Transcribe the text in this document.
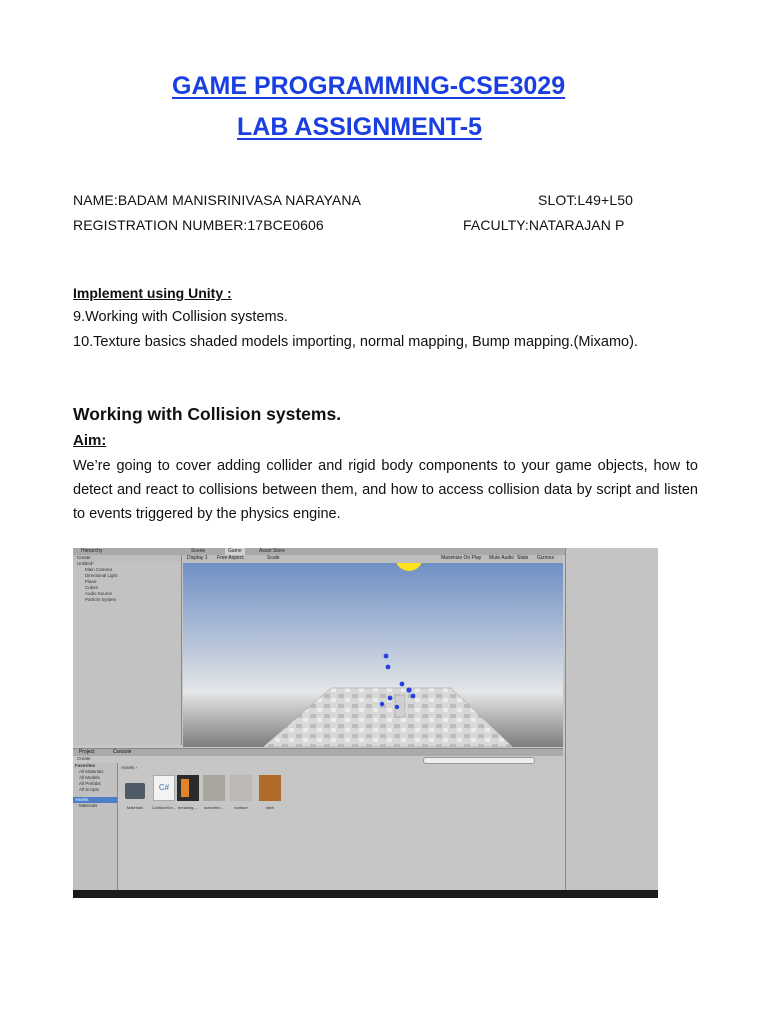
GAME PROGRAMMING-CSE3029
LAB ASSIGNMENT-5
NAME:BADAM MANISRINIVASA NARAYANA	SLOT:L49+L50
REGISTRATION NUMBER:17BCE0606	FACULTY:NATARAJAN P
Implement using Unity :
9.Working with Collision systems.
10.Texture basics shaded models importing, normal mapping, Bump mapping.(Mixamo).
Working with Collision systems.
Aim:
We’re going to cover adding collider and rigid body components to your game objects, how to detect and react to collisions between them, and how to access collision data by script and listen to events triggered by the physics engine.
Hierarchy	Scene	Game	Asset Store
Create
Untitled*
Main Camera
Directional Light
Plane
Cubes
Audio Source
Particle System
Display 1 Free Aspect	Scale	Maximize On Play Mute Audio Stats Gizmos
Project	Console
Create
Favorites
All Materials
All Models
All Prefabs
All Scripts
Assets
Materials
Assets ›
Materials
C#
CollisionScr... breaking-...	scenetho...	surface	steel
